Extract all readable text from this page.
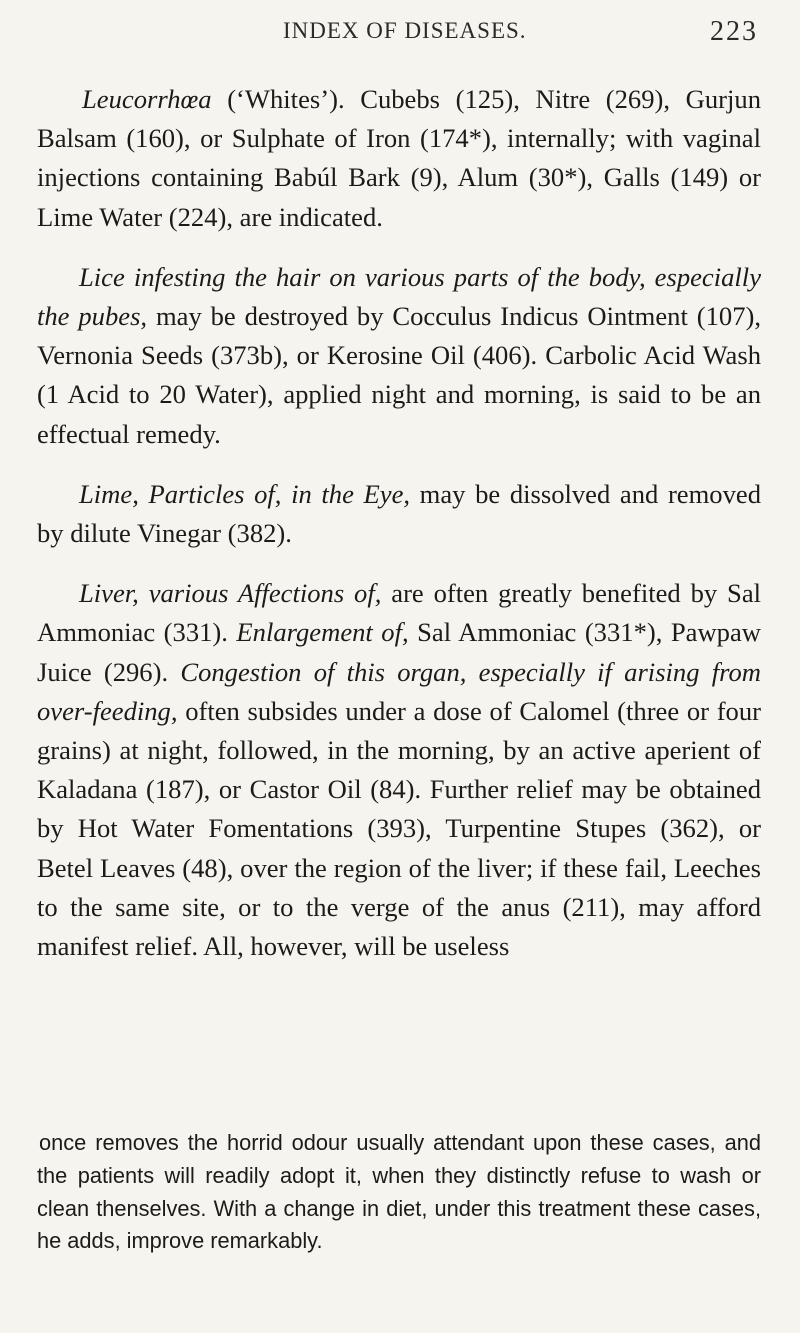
INDEX OF DISEASES.	223

Leucorrhœa (‘Whites’). Cubebs (125), Nitre (269), Gurjun Balsam (160), or Sulphate of Iron (174*), internally; with vaginal injections containing Babúl Bark (9), Alum (30*), Galls (149) or Lime Water (224), are indicated.

Lice infesting the hair on various parts of the body, especially the pubes, may be destroyed by Cocculus Indicus Ointment (107), Vernonia Seeds (373b), or Kerosine Oil (406). Carbolic Acid Wash (1 Acid to 20 Water), applied night and morning, is said to be an effectual remedy.

Lime, Particles of, in the Eye, may be dissolved and removed by dilute Vinegar (382).

Liver, various Affections of, are often greatly benefited by Sal Ammoniac (331). Enlargement of, Sal Ammoniac (331*), Pawpaw Juice (296). Congestion of this organ, especially if arising from over-feeding, often subsides under a dose of Calomel (three or four grains) at night, followed, in the morning, by an active aperient of Kaladana (187), or Castor Oil (84). Further relief may be obtained by Hot Water Fomentations (393), Turpentine Stupes (362), or Betel Leaves (48), over the region of the liver; if these fail, Leeches to the same site, or to the verge of the anus (211), may afford manifest relief. All, however, will be useless

once removes the horrid odour usually attendant upon these cases, and the patients will readily adopt it, when they distinctly refuse to wash or clean thenselves. With a change in diet, under this treatment these cases, he adds, improve remarkably.
